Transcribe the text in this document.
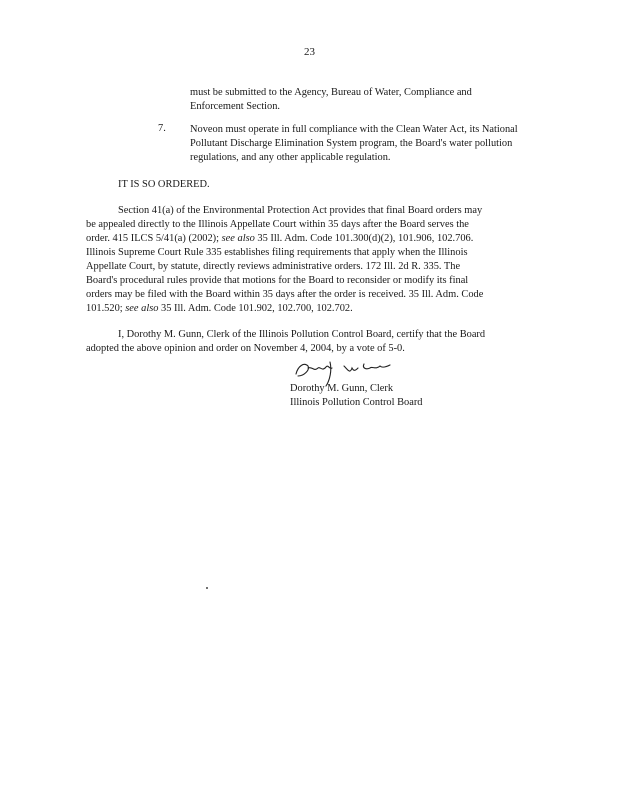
23
must be submitted to the Agency, Bureau of Water, Compliance and
Enforcement Section.
7. Noveon must operate in full compliance with the Clean Water Act, its National
Pollutant Discharge Elimination System program, the Board's water pollution
regulations, and any other applicable regulation.
IT IS SO ORDERED.
Section 41(a) of the Environmental Protection Act provides that final Board orders may
be appealed directly to the Illinois Appellate Court within 35 days after the Board serves the
order. 415 ILCS 5/41(a) (2002); see also 35 Ill. Adm. Code 101.300(d)(2), 101.906, 102.706.
Illinois Supreme Court Rule 335 establishes filing requirements that apply when the Illinois
Appellate Court, by statute, directly reviews administrative orders. 172 Ill. 2d R. 335. The
Board's procedural rules provide that motions for the Board to reconsider or modify its final
orders may be filed with the Board within 35 days after the order is received. 35 Ill. Adm. Code
101.520; see also 35 Ill. Adm. Code 101.902, 102.700, 102.702.
I, Dorothy M. Gunn, Clerk of the Illinois Pollution Control Board, certify that the Board
adopted the above opinion and order on November 4, 2004, by a vote of 5-0.
Dorothy M. Gunn, Clerk
Illinois Pollution Control Board
